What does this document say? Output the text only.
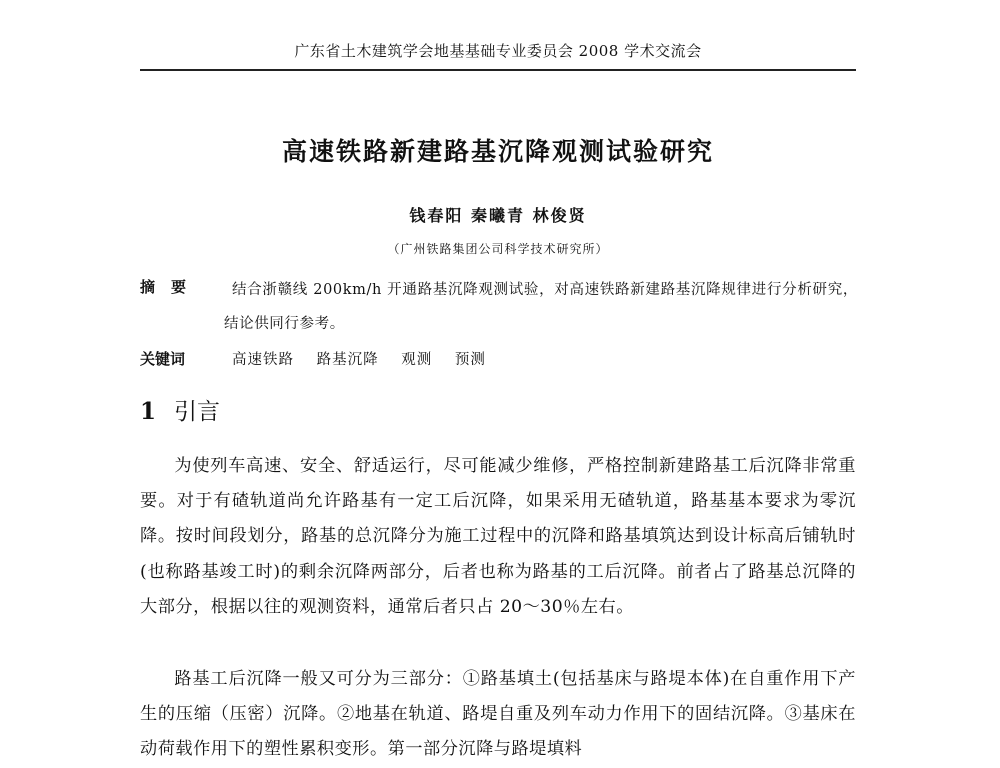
广东省土木建筑学会地基基础专业委员会 2008 学术交流会
高速铁路新建路基沉降观测试验研究
钱春阳 秦曦青 林俊贤
（广州铁路集团公司科学技术研究所）
摘要	结合浙赣线 200km/h 开通路基沉降观测试验，对高速铁路新建路基沉降规律进行分析研究，结论供同行参考。
关键词	高速铁路 路基沉降 观测 预测
1 引言
为使列车高速、安全、舒适运行，尽可能减少维修，严格控制新建路基工后沉降非常重要。对于有碴轨道尚允许路基有一定工后沉降，如果采用无碴轨道，路基基本要求为零沉降。按时间段划分，路基的总沉降分为施工过程中的沉降和路基填筑达到设计标高后铺轨时(也称路基竣工时)的剩余沉降两部分，后者也称为路基的工后沉降。前者占了路基总沉降的大部分，根据以往的观测资料，通常后者只占 20～30％左右。
路基工后沉降一般又可分为三部分：①路基填土(包括基床与路堤本体)在自重作用下产生的压缩（压密）沉降。②地基在轨道、路堤自重及列车动力作用下的固结沉降。③基床在动荷载作用下的塑性累积变形。第一部分沉降与路堤填料
